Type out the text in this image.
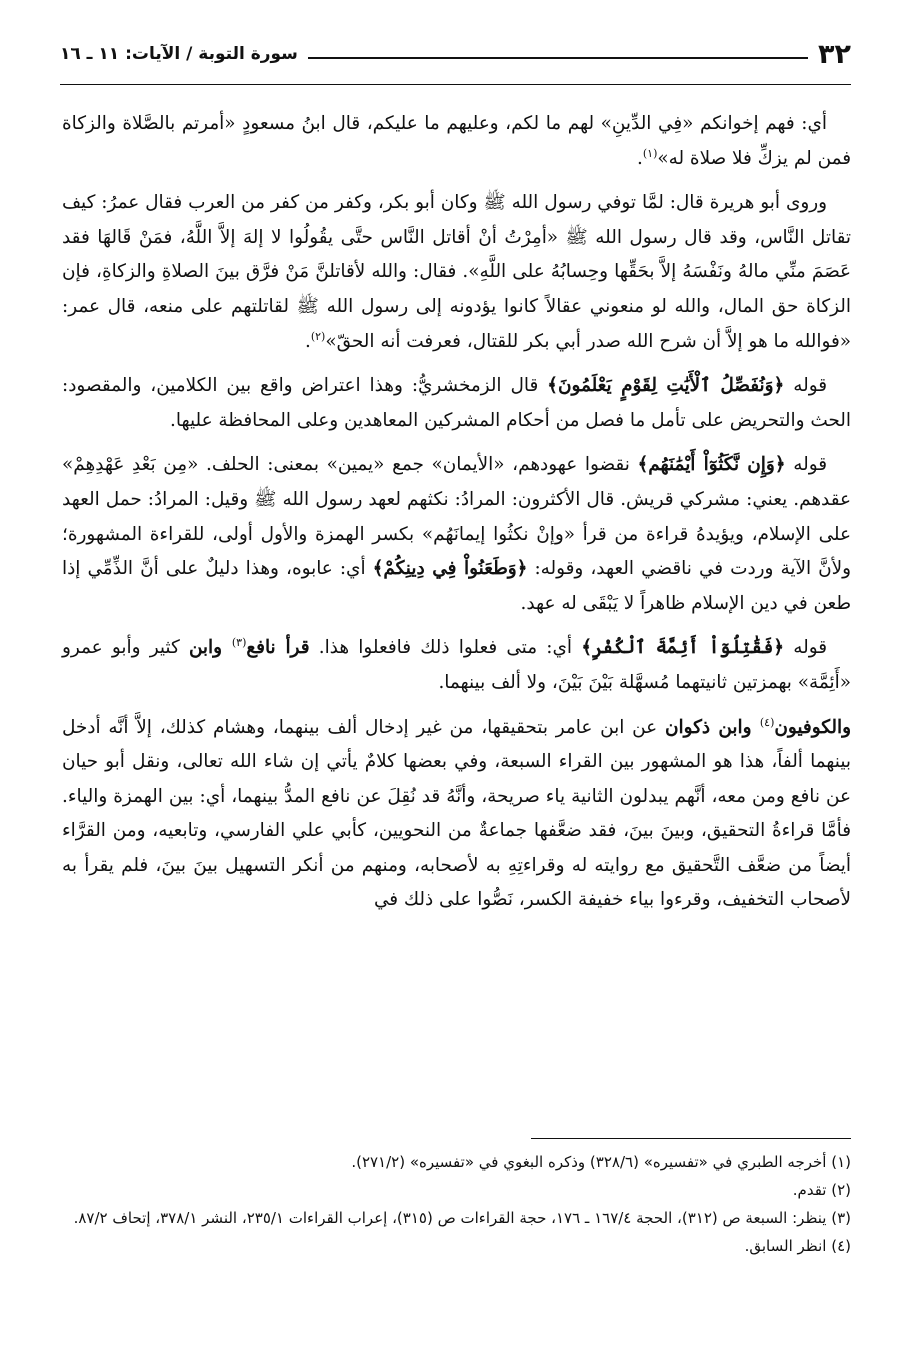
٣٢
سورة التوبة / الآيات: ١١ ـ ١٦

أي: فهم إخوانكم «فِي الدِّينِ» لهم ما لكم، وعليهم ما عليكم، قال ابنُ مسعودٍ «أمرتم بالصَّلاة والزكاة فمن لم يزكِّ فلا صلاة له»$^{(١)}$.

وروى أبو هريرة قال: لمَّا توفي رسول الله ﷺ وكان أبو بكر، وكفر من كفر من العرب فقال عمرُ: كيف تقاتل النَّاس، وقد قال رسول الله ﷺ «أمِرْتُ أنْ أقاتل النَّاس حتَّى يقُولُوا لا إلهَ إلاَّ اللَّهُ، فمَنْ قَالهَا فقد عَصَمَ منِّي مالهُ ونَفْسَهُ إلاَّ بحَقِّها وحِسابُهُ على اللَّهِ». فقال: والله لأقاتلنَّ مَنْ فرَّق بينَ الصلاةِ والزكاةِ، فإن الزكاة حق المال، والله لو منعوني عقالاً كانوا يؤدونه إلى رسول الله ﷺ لقاتلتهم على منعه، قال عمر: «فوالله ما هو إلاَّ أن شرح الله صدر أبي بكر للقتال، فعرفت أنه الحقّ»$^{(٢)}$.

قوله ﴿وَنُفَصِّلُ ٱلْأَيَٰتِ لِقَوْمٍ يَعْلَمُونَ﴾ قال الزمخشريُّ: وهذا اعتراض واقع بين الكلامين، والمقصود: الحث والتحريض على تأمل ما فصل من أحكام المشركين المعاهدين وعلى المحافظة عليها.

قوله ﴿وَإِن نَّكَثُوٓاْ أَيْمَٰنَهُم﴾ نقضوا عهودهم، «الأيمان» جمع «يمين» بمعنى: الحلف. «مِن بَعْدِ عَهْدِهِمْ» عقدهم. يعني: مشركي قريش. قال الأكثرون: المرادُ: نكثهم لعهد رسول الله ﷺ وقيل: المرادُ: حمل العهد على الإسلام، ويؤيدهُ قراءة من قرأ «وإنْ نكثُوا إيمانَهُم» بكسر الهمزة والأول أولى، للقراءة المشهورة؛ ولأنَّ الآية وردت في ناقضي العهد، وقوله: ﴿وَطَعَنُواْ فِي دِينِكُمْ﴾ أي: عابوه، وهذا دليلٌ على أنَّ الذِّمِّي إذا طعن في دين الإسلام ظاهراً لا يَبْقَى له عهد.

قوله ﴿فَقَٰتِلُوٓاْ أَئِمَّةَ ٱلْكُفْرِ﴾ أي: متى فعلوا ذلك فافعلوا هذا. قرأ نافع$^{(٣)}$ وابن كثير وأبو عمرو «أَئِمَّة» بهمزتين ثانيتهما مُسهَّلة بَيْنَ بَيْنَ، ولا ألف بينهما.

والكوفيون$^{(٤)}$ وابن ذكوان عن ابن عامر بتحقيقها، من غير إدخال ألف بينهما، وهشام كذلك، إلاَّ أنَّه أدخل بينهما ألفاً، هذا هو المشهور بين القراء السبعة، وفي بعضها كلامٌ يأتي إن شاء الله تعالى، ونقل أبو حيان عن نافع ومن معه، أنَّهم يبدلون الثانية ياء صريحة، وأنَّهُ قد نُقِلَ عن نافع المدُّ بينهما، أي: بين الهمزة والياء. فأمَّا قراءةُ التحقيق، وبينَ بينَ، فقد ضعَّفها جماعةٌ من النحويين، كأبي علي الفارسي، وتابعيه، ومن القرَّاء أيضاً من ضعَّف التَّحقيق مع روايته له وقراءتِهِ به لأصحابه، ومنهم من أنكر التسهيل بينَ بينَ، فلم يقرأ به لأصحاب التخفيف، وقرءوا بياء خفيفة الكسر، نَصُّوا على ذلك في

(١) أخرجه الطبري في «تفسيره» (٣٢٨/٦) وذكره البغوي في «تفسيره» (٢٧١/٢).

(٢) تقدم.

(٣) ينظر: السبعة ص (٣١٢)، الحجة ١٦٧/٤ ـ ١٧٦، حجة القراءات ص (٣١٥)، إعراب القراءات ٢٣٥/١، النشر ٣٧٨/١، إتحاف ٨٧/٢.

(٤) انظر السابق.
